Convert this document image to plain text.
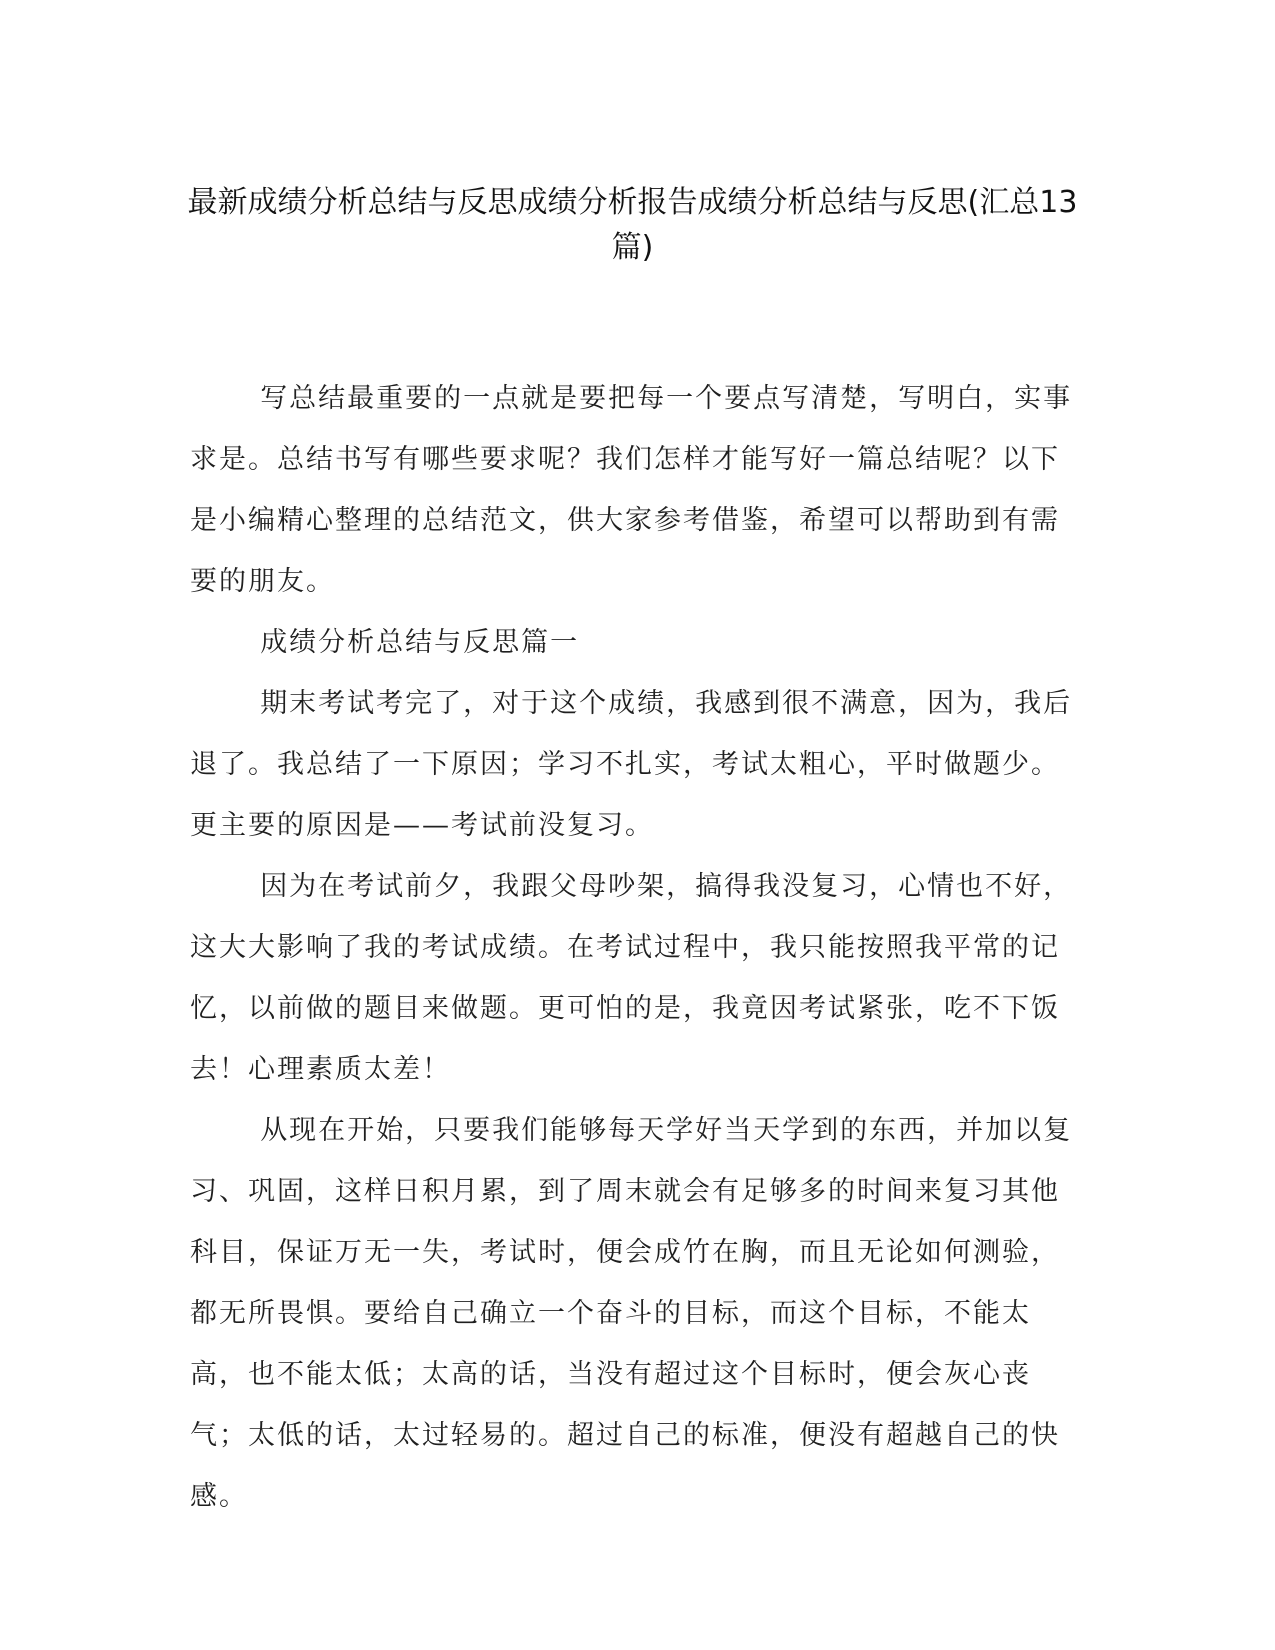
最新成绩分析总结与反思成绩分析报告成绩分析总结与反思(汇总13篇)

写总结最重要的一点就是要把每一个要点写清楚，写明白，实事求是。总结书写有哪些要求呢？我们怎样才能写好一篇总结呢？以下是小编精心整理的总结范文，供大家参考借鉴，希望可以帮助到有需要的朋友。

成绩分析总结与反思篇一

期末考试考完了，对于这个成绩，我感到很不满意，因为，我后退了。我总结了一下原因；学习不扎实，考试太粗心，平时做题少。更主要的原因是——考试前没复习。

因为在考试前夕，我跟父母吵架，搞得我没复习，心情也不好，这大大影响了我的考试成绩。在考试过程中，我只能按照我平常的记忆，以前做的题目来做题。更可怕的是，我竟因考试紧张，吃不下饭去！心理素质太差！

从现在开始，只要我们能够每天学好当天学到的东西，并加以复习、巩固，这样日积月累，到了周末就会有足够多的时间来复习其他科目，保证万无一失，考试时，便会成竹在胸，而且无论如何测验，都无所畏惧。要给自己确立一个奋斗的目标，而这个目标，不能太高，也不能太低；太高的话，当没有超过这个目标时，便会灰心丧气；太低的话，太过轻易的。超过自己的标准，便没有超越自己的快感。
